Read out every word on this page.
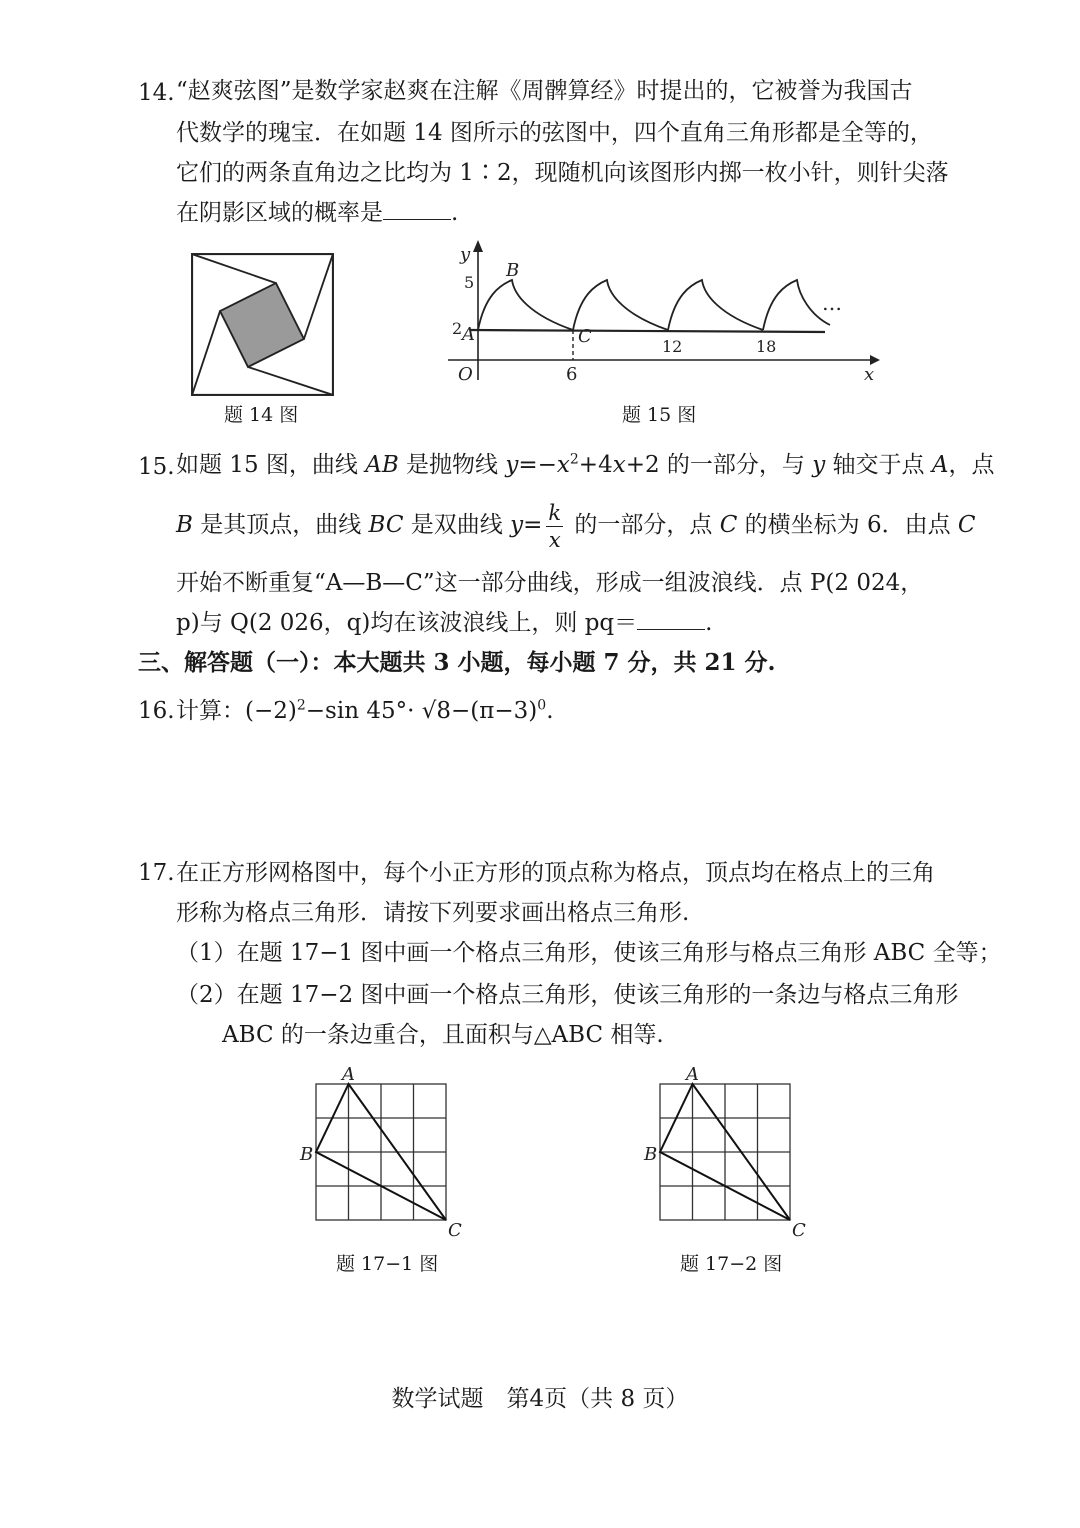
14. “赵爽弦图”是数学家赵爽在注解《周髀算经》时提出的，它被誉为我国古
代数学的瑰宝．在如题 14 图所示的弦图中，四个直角三角形都是全等的，
它们的两条直角边之比均为 1∶2，现随机向该图形内掷一枚小针，则针尖落
在阴影区域的概率是	.
题 14 图
y
x
O
A
B
C
5
2
6
12	18
…
题 15 图
15. 如题 15 图，曲线 AB 是抛物线 $y=-x^2+4x+2$ 的一部分，与 y 轴交于点 A，点
B 是其顶点，曲线 BC 是双曲线 $y= \frac{k}{x}$ 的一部分，点 C 的横坐标为 6．由点 C
开始不断重复“A—B—C”这一部分曲线，形成一组波浪线．点 P(2 024，
p)与 Q(2 026，q)均在该波浪线上，则 pq＝	.
三、解答题（一）：本大题共 3 小题，每小题 7 分，共 21 分.
16. 计算：$(-2)^2-\sin$ $45^\circ\cdot √8-(\pi-3)^0$.
17. 在正方形网格图中，每个小正方形的顶点称为格点，顶点均在格点上的三角
形称为格点三角形．请按下列要求画出格点三角形.
（1）在题 17−1 图中画一个格点三角形，使该三角形与格点三角形 ABC 全等；
（2）在题 17−2 图中画一个格点三角形，使该三角形的一条边与格点三角形
ABC 的一条边重合，且面积与△ABC 相等.
A
B
C
题 17−1 图
A
B
C
题 17−2 图
数学试题　第4页（共 8 页）
